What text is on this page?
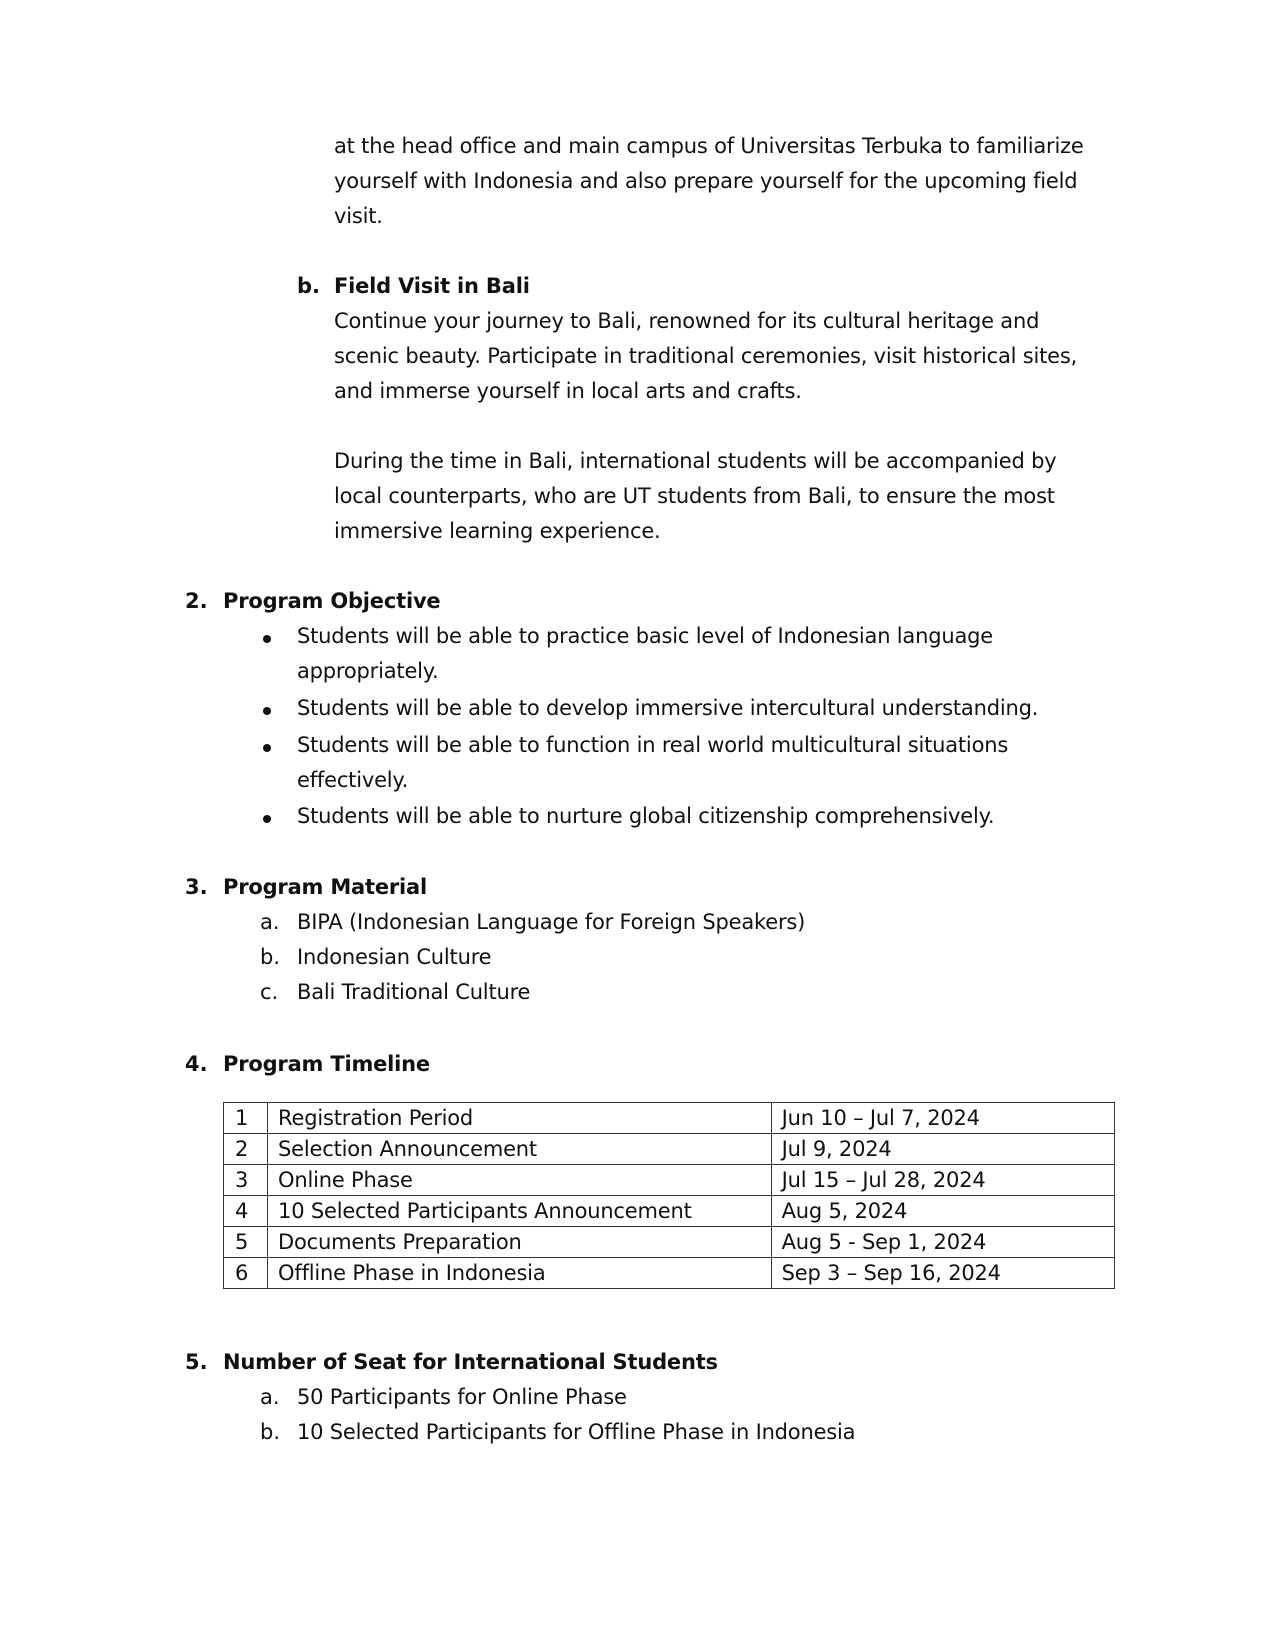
at the head office and main campus of Universitas Terbuka to familiarize
yourself with Indonesia and also prepare yourself for the upcoming field
visit.
b. Field Visit in Bali
Continue your journey to Bali, renowned for its cultural heritage and
scenic beauty. Participate in traditional ceremonies, visit historical sites,
and immerse yourself in local arts and crafts.
During the time in Bali, international students will be accompanied by
local counterparts, who are UT students from Bali, to ensure the most
immersive learning experience.
2. Program Objective
Students will be able to practice basic level of Indonesian language
appropriately.
Students will be able to develop immersive intercultural understanding.
Students will be able to function in real world multicultural situations
effectively.
Students will be able to nurture global citizenship comprehensively.
3. Program Material
a. BIPA (Indonesian Language for Foreign Speakers)
b. Indonesian Culture
c. Bali Traditional Culture
4. Program Timeline
1	Registration Period	Jun 10 – Jul 7, 2024
2	Selection Announcement	Jul 9, 2024
3	Online Phase	Jul 15 – Jul 28, 2024
4	10 Selected Participants Announcement	Aug 5, 2024
5	Documents Preparation	Aug 5 - Sep 1, 2024
6	Offline Phase in Indonesia	Sep 3 – Sep 16, 2024
5. Number of Seat for International Students
a. 50 Participants for Online Phase
b. 10 Selected Participants for Offline Phase in Indonesia
